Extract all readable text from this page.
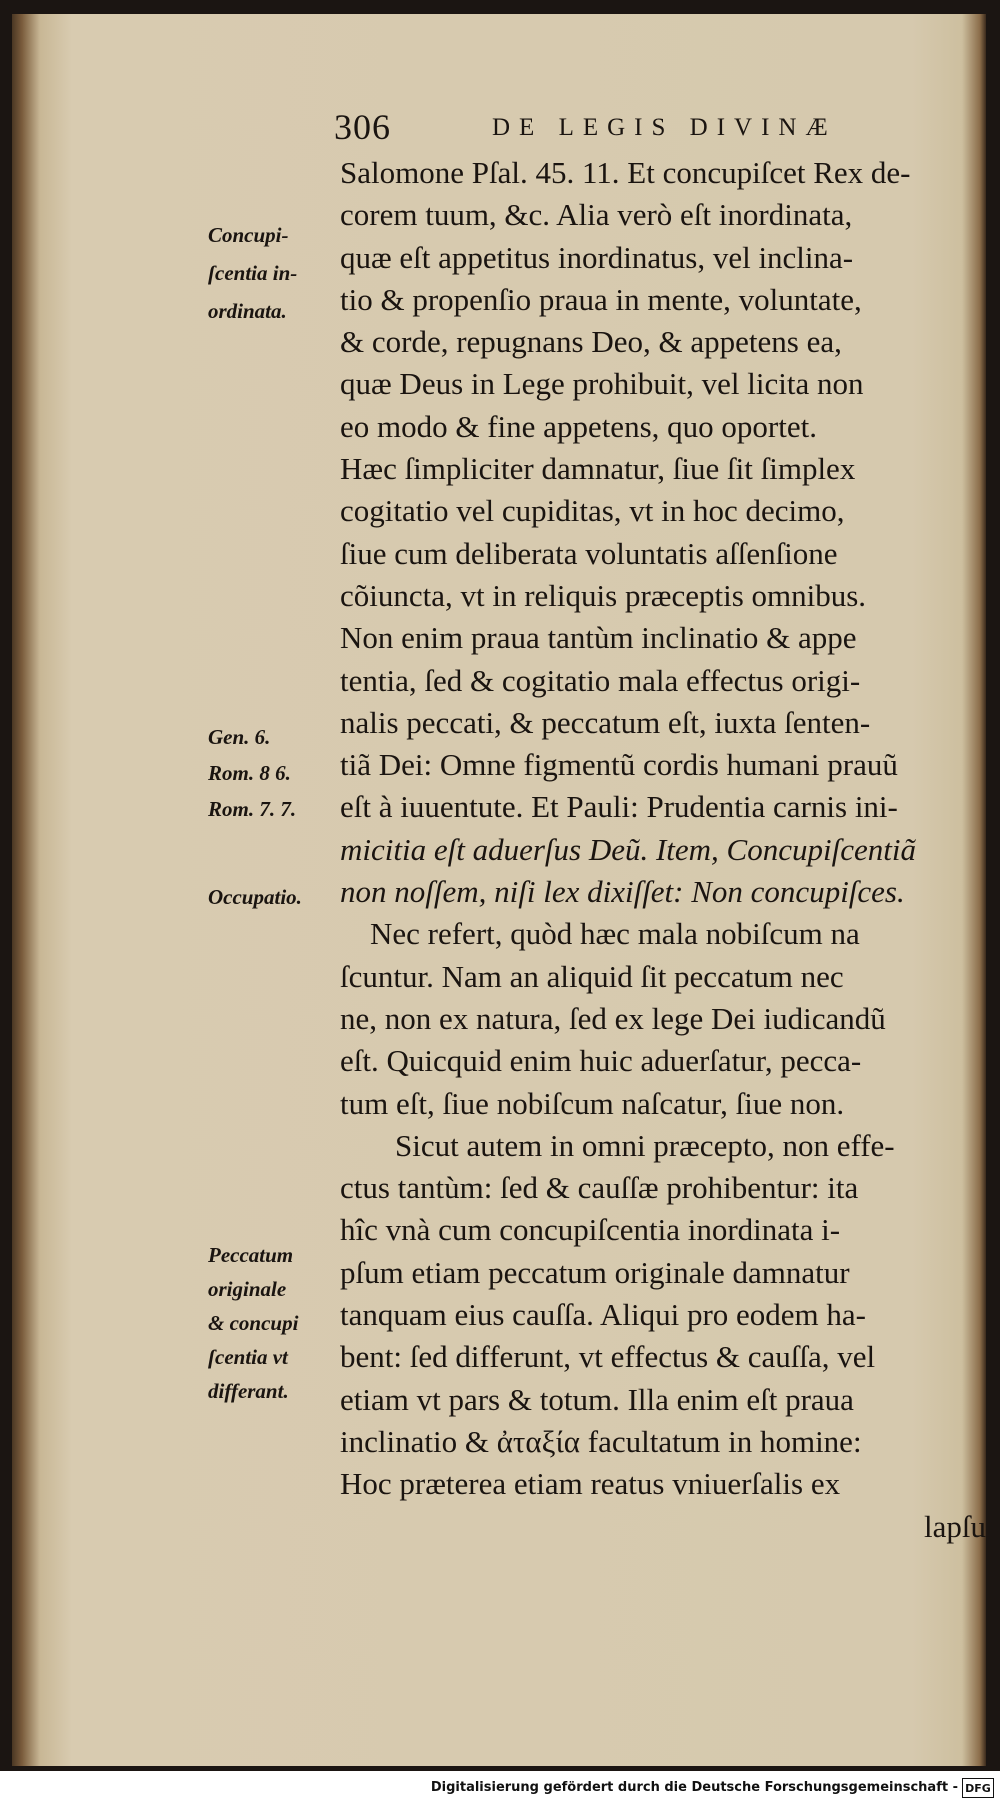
306	DE LEGIS DIVINÆ
Concupi-
ſcentia in-
ordinata.
Gen. 6.
Rom. 8 6.
Rom. 7. 7.
Occupatio.
Peccatum
originale
& concupi
ſcentia vt
differant.
Salomone Pſal. 45. 11. Et concupiſcet Rex de-
corem tuum, &c. Alia verò eſt inordinata,
quæ eſt appetitus inordinatus, vel inclina-
tio & propenſio praua in mente, voluntate,
& corde, repugnans Deo, & appetens ea,
quæ Deus in Lege prohibuit, vel licita non
eo modo & fine appetens, quo oportet.
Hæc ſimpliciter damnatur, ſiue ſit ſimplex
cogitatio vel cupiditas, vt in hoc decimo,
ſiue cum deliberata voluntatis aſſenſione
cõiuncta, vt in reliquis præceptis omnibus.
Non enim praua tantùm inclinatio & appe
tentia, ſed & cogitatio mala effectus origi-
nalis peccati, & peccatum eſt, iuxta ſenten-
tiã Dei: Omne figmentũ cordis humani prauũ
eſt à iuuentute. Et Pauli: Prudentia carnis ini-
micitia eſt aduerſus Deũ. Item, Concupiſcentiã
non noſſem, niſi lex dixiſſet: Non concupiſces.
Nec refert, quòd hæc mala nobiſcum na
ſcuntur. Nam an aliquid ſit peccatum nec
ne, non ex natura, ſed ex lege Dei iudicandũ
eſt. Quicquid enim huic aduerſatur, pecca-
tum eſt, ſiue nobiſcum naſcatur, ſiue non.
Sicut autem in omni præcepto, non effe-
ctus tantùm: ſed & cauſſæ prohibentur: ita
hîc vnà cum concupiſcentia inordinata i-
pſum etiam peccatum originale damnatur
tanquam eius cauſſa. Aliqui pro eodem ha-
bent: ſed differunt, vt effectus & cauſſa, vel
etiam vt pars & totum. Illa enim eſt praua
inclinatio & ἀταξία facultatum in homine:
Hoc præterea etiam reatus vniuerſalis ex
lapſu
Digitalisierung gefördert durch die Deutsche Forschungsgemeinschaft - DFG
